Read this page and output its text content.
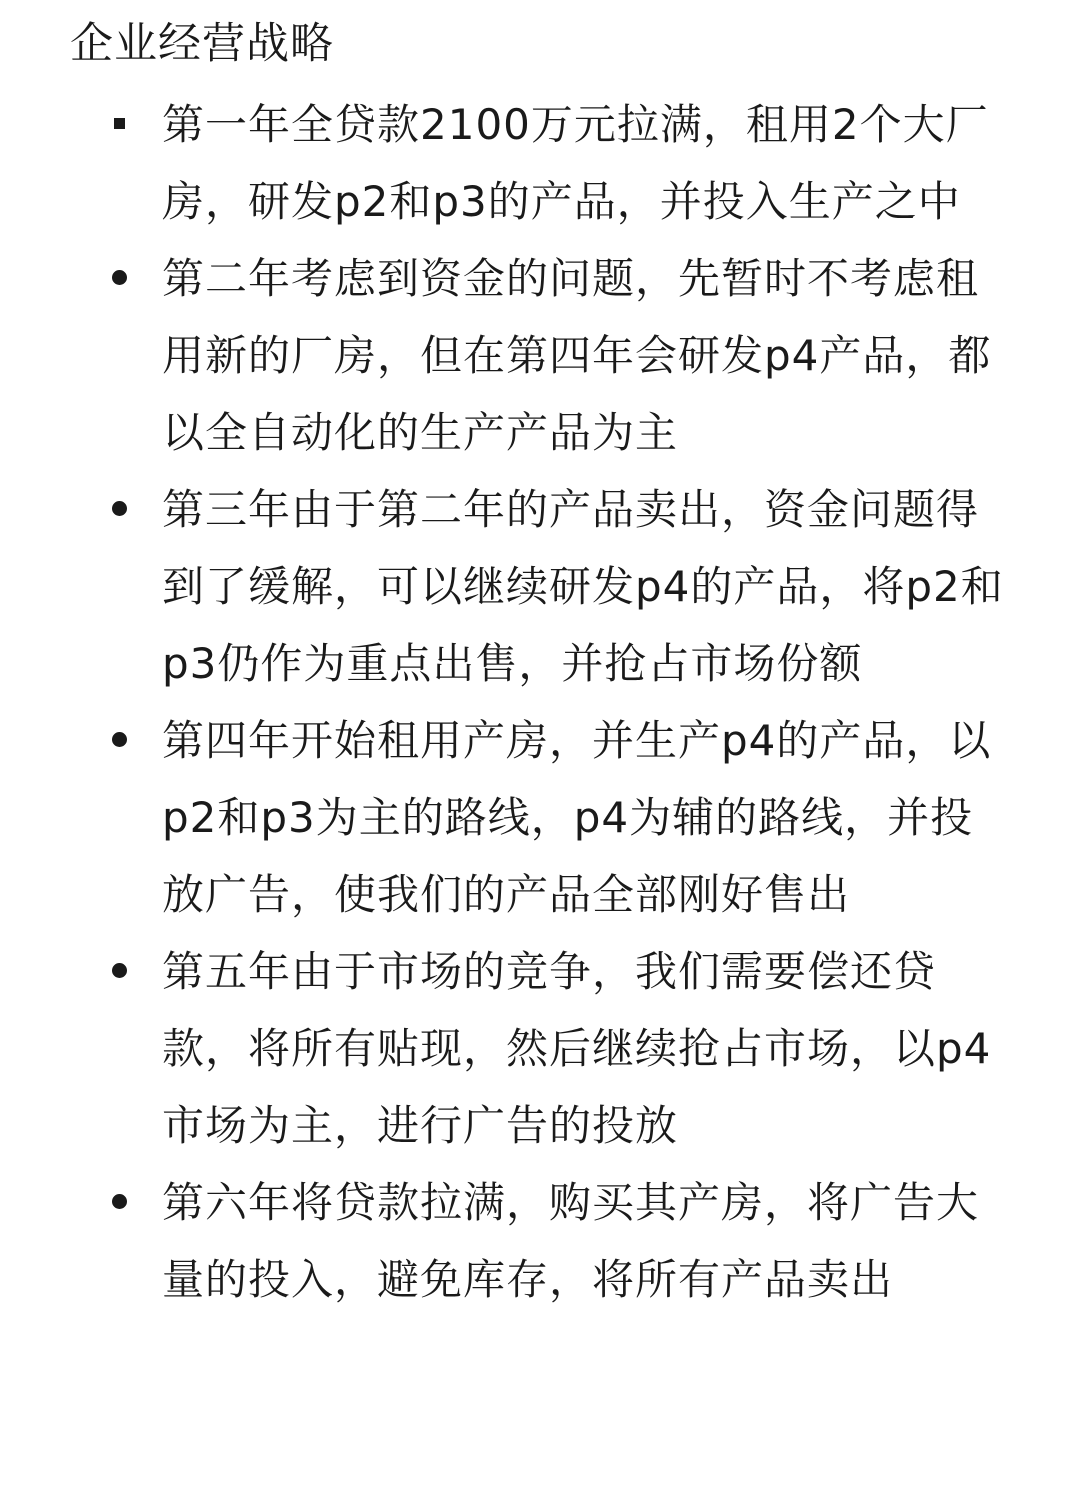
企业经营战略
第一年全贷款2100万元拉满，租用2个大厂房，研发p2和p3的产品，并投入生产之中
第二年考虑到资金的问题，先暂时不考虑租用新的厂房，但在第四年会研发p4产品，都以全自动化的生产产品为主
第三年由于第二年的产品卖出，资金问题得到了缓解，可以继续研发p4的产品，将p2和p3仍作为重点出售，并抢占市场份额
第四年开始租用产房，并生产p4的产品，以p2和p3为主的路线，p4为辅的路线，并投放广告，使我们的产品全部刚好售出
第五年由于市场的竞争，我们需要偿还贷款，将所有贴现，然后继续抢占市场，以p4市场为主，进行广告的投放
第六年将贷款拉满，购买其产房，将广告大量的投入，避免库存，将所有产品卖出
